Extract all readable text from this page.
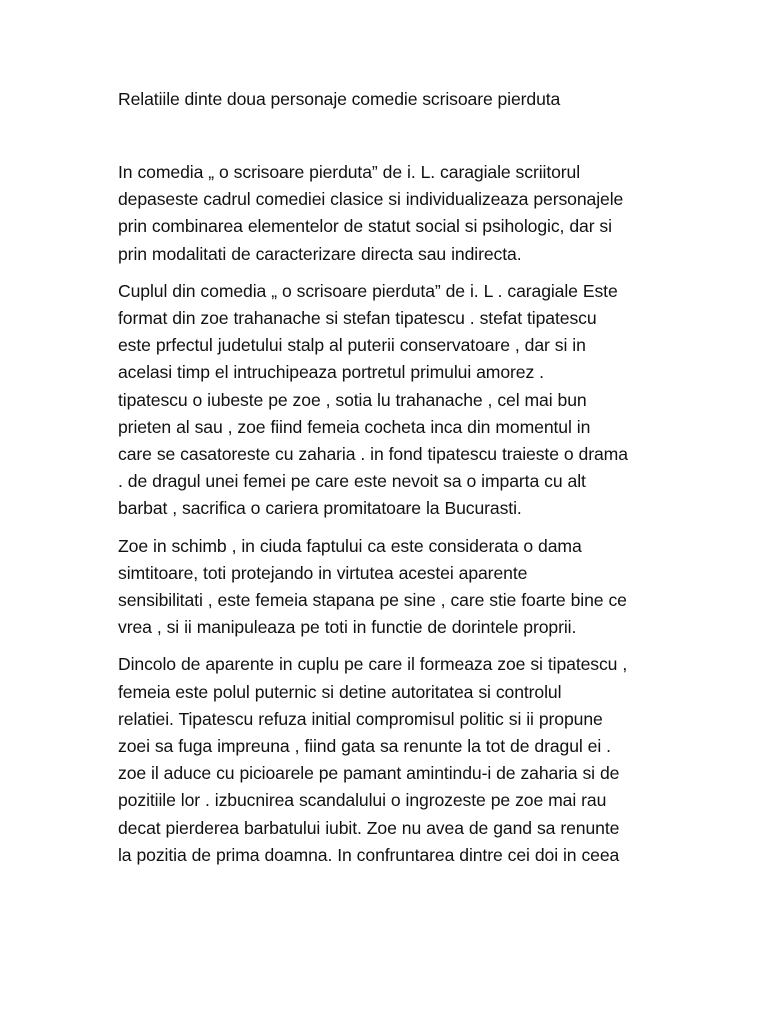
Relatiile dinte doua personaje comedie scrisoare pierduta

In comedia „ o scrisoare pierduta” de i. L. caragiale scriitorul
depaseste cadrul comediei clasice si individualizeaza personajele
prin combinarea elementelor de statut social si psihologic, dar si
prin modalitati de caracterizare directa sau indirecta.

Cuplul din comedia „ o scrisoare pierduta” de i. L . caragiale Este
format din zoe trahanache si stefan tipatescu . stefat tipatescu
este prfectul judetului stalp al puterii conservatoare , dar si in
acelasi timp el intruchipeaza portretul primului amorez .
tipatescu o iubeste pe zoe , sotia lu trahanache , cel mai bun
prieten al sau , zoe fiind femeia cocheta inca din momentul in
care se casatoreste cu zaharia . in fond tipatescu traieste o drama
. de dragul unei femei pe care este nevoit sa o imparta cu alt
barbat , sacrifica o cariera promitatoare la Bucurasti.

Zoe in schimb , in ciuda faptului ca este considerata o dama
simtitoare, toti protejando in virtutea acestei aparente
sensibilitati , este femeia stapana pe sine , care stie foarte bine ce
vrea , si ii manipuleaza pe toti in functie de dorintele proprii.

Dincolo de aparente in cuplu pe care il formeaza zoe si tipatescu ,
femeia este polul puternic si detine autoritatea si controlul
relatiei. Tipatescu refuza initial compromisul politic si ii propune
zoei sa fuga impreuna , fiind gata sa renunte la tot de dragul ei .
zoe il aduce cu picioarele pe pamant amintindu-i de zaharia si de
pozitiile lor . izbucnirea scandalului o ingrozeste pe zoe mai rau
decat pierderea barbatului iubit. Zoe nu avea de gand sa renunte
la pozitia de prima doamna. In confruntarea dintre cei doi in ceea
